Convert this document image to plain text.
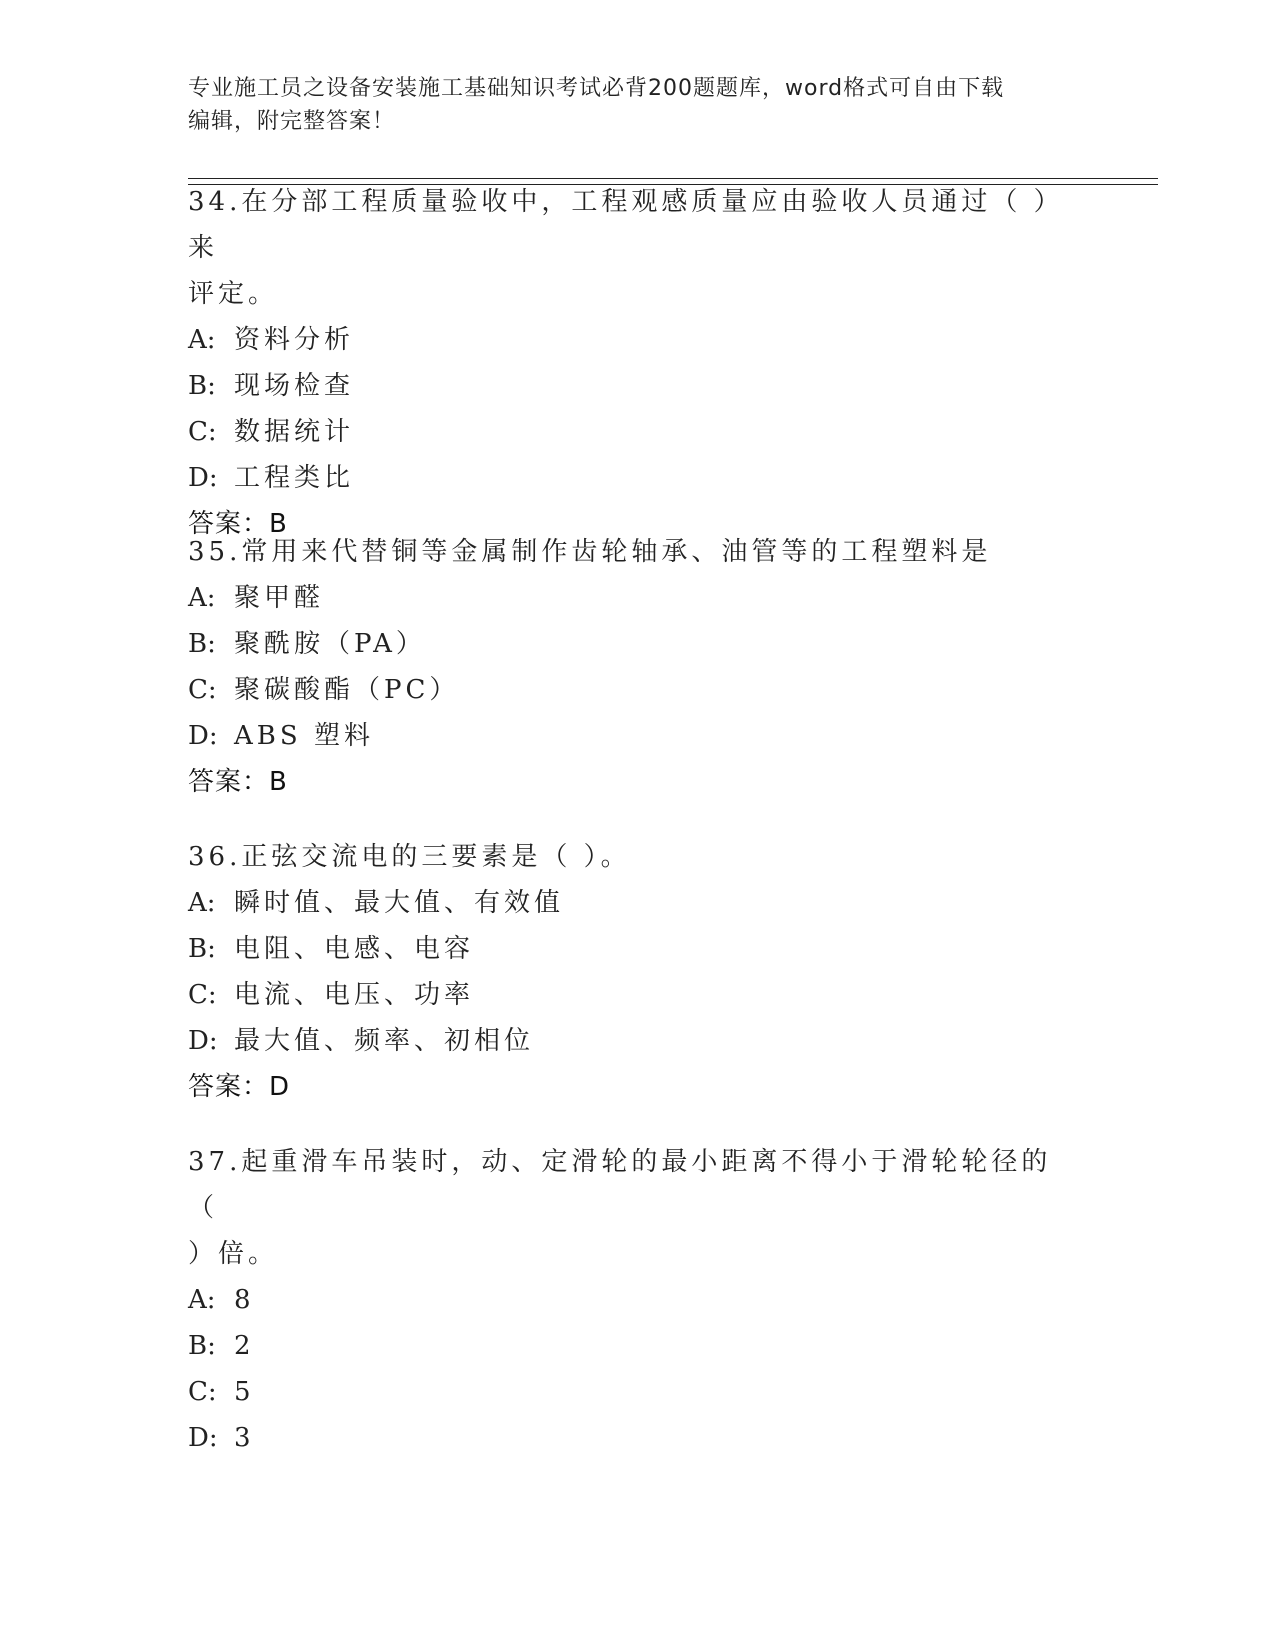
专业施工员之设备安装施工基础知识考试必背200题题库，word格式可自由下载
编辑，附完整答案！

34.在分部工程质量验收中，工程观感质量应由验收人员通过（ ）来

评定。

A: 资料分析

B: 现场检查

C: 数据统计

D: 工程类比

答案：B

35.常用来代替铜等金属制作齿轮轴承、油管等的工程塑料是

A: 聚甲醛

B: 聚酰胺（PA）

C: 聚碳酸酯（PC）

D: ABS 塑料

答案：B

36.正弦交流电的三要素是（ ）。

A: 瞬时值、最大值、有效值

B: 电阻、电感、电容

C: 电流、电压、功率

D: 最大值、频率、初相位

答案：D

37.起重滑车吊装时，动、定滑轮的最小距离不得小于滑轮轮径的（

）倍。

A: 8

B: 2

C: 5

D: 3
